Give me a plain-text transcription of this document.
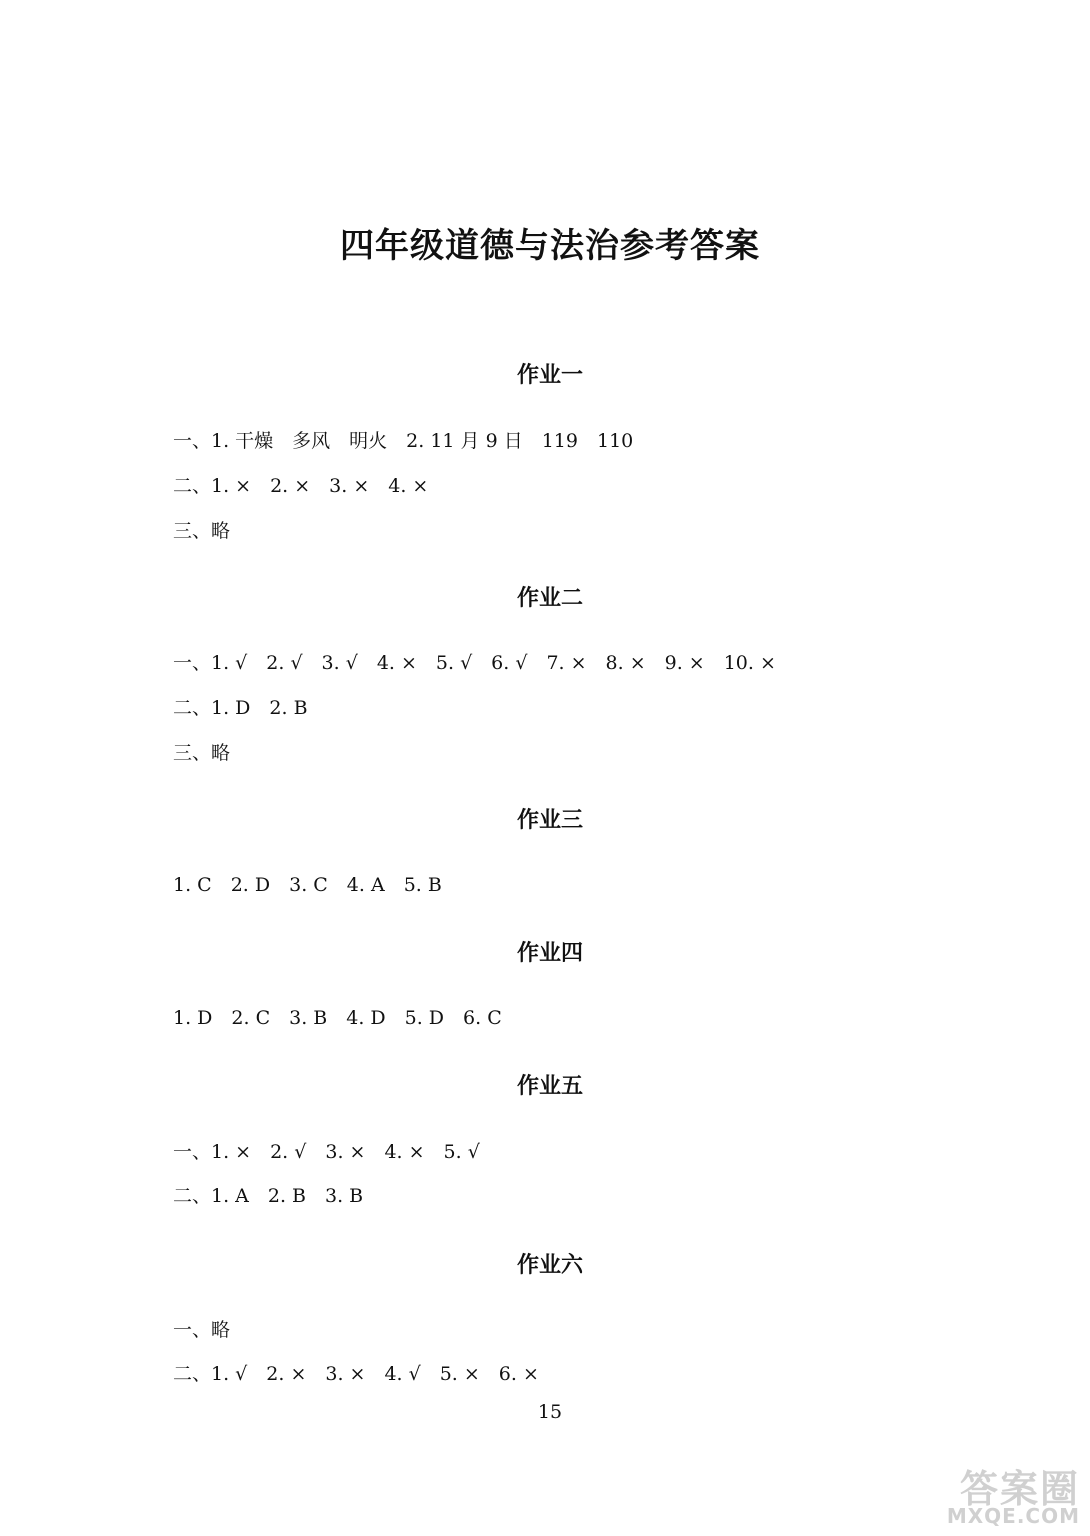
四年级道德与法治参考答案
作业一
一、1. 干燥　多风　明火　2. 11 月 9 日　119　110
二、1. ×　2. ×　3. ×　4. ×
三、略
作业二
一、1. √　2. √　3. √　4. ×　5. √　6. √　7. ×　8. ×　9. ×　10. ×
二、1. D　2. B
三、略
作业三
1. C　2. D　3. C　4. A　5. B
作业四
1. D　2. C　3. B　4. D　5. D　6. C
作业五
一、1. ×　2. √　3. ×　4. ×　5. √
二、1. A　2. B　3. B
作业六
一、略
二、1. √　2. ×　3. ×　4. √　5. ×　6. ×
15
答案圈
MXQE.COM
